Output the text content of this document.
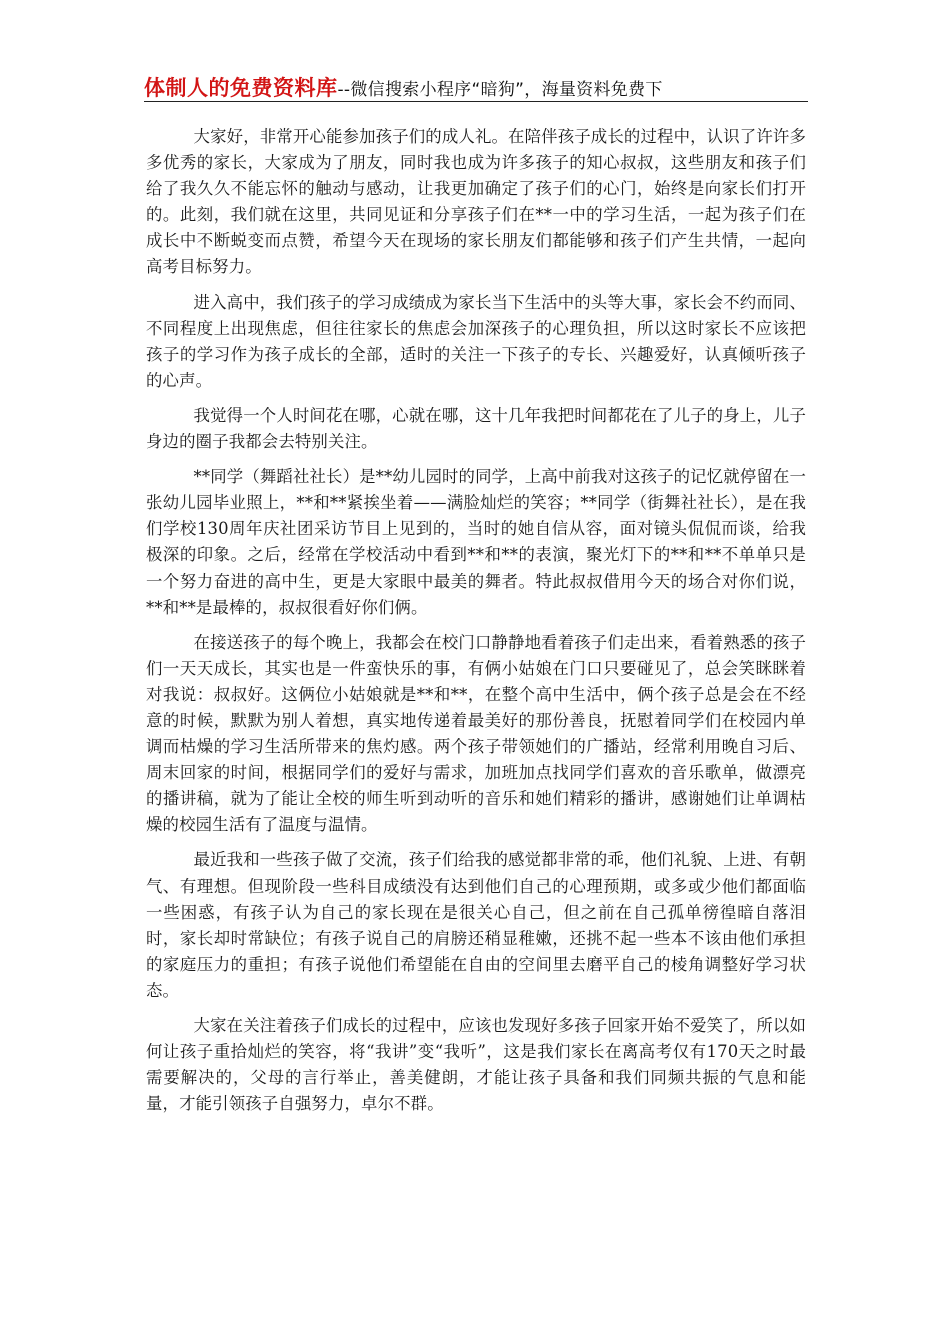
体制人的免费资料库--微信搜索小程序“暗狗”，海量资料免费下

大家好，非常开心能参加孩子们的成人礼。在陪伴孩子成长的过程中，认识了许许多多优秀的家长，大家成为了朋友，同时我也成为许多孩子的知心叔叔，这些朋友和孩子们给了我久久不能忘怀的触动与感动，让我更加确定了孩子们的心门，始终是向家长们打开的。此刻，我们就在这里，共同见证和分享孩子们在**一中的学习生活，一起为孩子们在成长中不断蜕变而点赞，希望今天在现场的家长朋友们都能够和孩子们产生共情，一起向高考目标努力。

进入高中，我们孩子的学习成绩成为家长当下生活中的头等大事，家长会不约而同、不同程度上出现焦虑，但往往家长的焦虑会加深孩子的心理负担，所以这时家长不应该把孩子的学习作为孩子成长的全部，适时的关注一下孩子的专长、兴趣爱好，认真倾听孩子的心声。

我觉得一个人时间花在哪，心就在哪，这十几年我把时间都花在了儿子的身上，儿子身边的圈子我都会去特别关注。

**同学（舞蹈社社长）是**幼儿园时的同学，上高中前我对这孩子的记忆就停留在一张幼儿园毕业照上，**和**紧挨坐着——满脸灿烂的笑容；**同学（街舞社社长），是在我们学校130周年庆社团采访节目上见到的，当时的她自信从容，面对镜头侃侃而谈，给我极深的印象。之后，经常在学校活动中看到**和**的表演，聚光灯下的**和**不单单只是一个努力奋进的高中生，更是大家眼中最美的舞者。特此叔叔借用今天的场合对你们说，**和**是最棒的，叔叔很看好你们俩。

在接送孩子的每个晚上，我都会在校门口静静地看着孩子们走出来，看着熟悉的孩子们一天天成长，其实也是一件蛮快乐的事，有俩小姑娘在门口只要碰见了，总会笑眯眯着对我说：叔叔好。这俩位小姑娘就是**和**，在整个高中生活中，俩个孩子总是会在不经意的时候，默默为别人着想，真实地传递着最美好的那份善良，抚慰着同学们在校园内单调而枯燥的学习生活所带来的焦灼感。两个孩子带领她们的广播站，经常利用晚自习后、周末回家的时间，根据同学们的爱好与需求，加班加点找同学们喜欢的音乐歌单，做漂亮的播讲稿，就为了能让全校的师生听到动听的音乐和她们精彩的播讲，感谢她们让单调枯燥的校园生活有了温度与温情。

最近我和一些孩子做了交流，孩子们给我的感觉都非常的乖，他们礼貌、上进、有朝气、有理想。但现阶段一些科目成绩没有达到他们自己的心理预期，或多或少他们都面临一些困惑，有孩子认为自己的家长现在是很关心自己，但之前在自己孤单徬徨暗自落泪时，家长却时常缺位；有孩子说自己的肩膀还稍显稚嫩，还挑不起一些本不该由他们承担的家庭压力的重担；有孩子说他们希望能在自由的空间里去磨平自己的棱角调整好学习状态。

大家在关注着孩子们成长的过程中，应该也发现好多孩子回家开始不爱笑了，所以如何让孩子重拾灿烂的笑容，将“我讲”变“我听”，这是我们家长在离高考仅有170天之时最需要解决的，父母的言行举止，善美健朗，才能让孩子具备和我们同频共振的气息和能量，才能引领孩子自强努力，卓尔不群。
